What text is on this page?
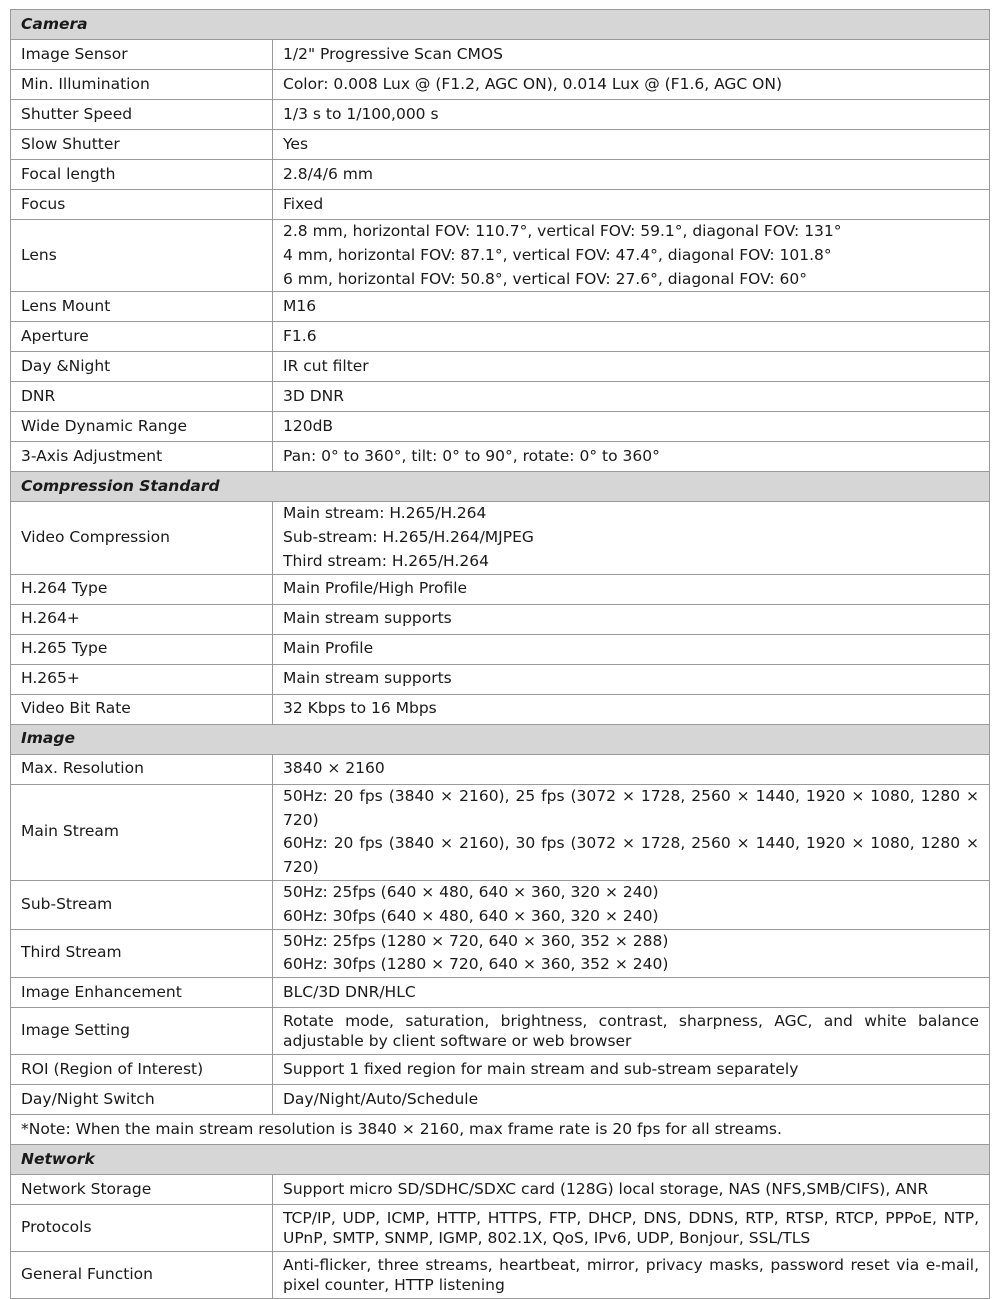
Camera	
Image Sensor	1/2" Progressive Scan CMOS

Min. Illumination	Color: 0.008 Lux @ (F1.2, AGC ON), 0.014 Lux @ (F1.6, AGC ON)

Shutter Speed	1/3 s to 1/100,000 s

Slow Shutter	Yes

Focal length	2.8/4/6 mm

Focus	Fixed

Lens	2.8 mm, horizontal FOV: 110.7°, vertical FOV: 59.1°, diagonal FOV: 131°
4 mm, horizontal FOV: 87.1°, vertical FOV: 47.4°, diagonal FOV: 101.8°
6 mm, horizontal FOV: 50.8°, vertical FOV: 27.6°, diagonal FOV: 60°

Lens Mount	M16

Aperture	F1.6

Day &Night	IR cut filter

DNR	3D DNR

Wide Dynamic Range	120dB

3-Axis Adjustment	Pan: 0° to 360°, tilt: 0° to 90°, rotate: 0° to 360°

Compression Standard	
Video Compression	Main stream: H.265/H.264
Sub-stream: H.265/H.264/MJPEG
Third stream: H.265/H.264

H.264 Type	Main Profile/High Profile

H.264+	Main stream supports

H.265 Type	Main Profile

H.265+	Main stream supports

Video Bit Rate	32 Kbps to 16 Mbps

Image	
Max. Resolution	3840 × 2160

Main Stream	50Hz: 20 fps (3840 × 2160), 25 fps (3072 × 1728, 2560 × 1440, 1920 × 1080, 1280 × 720)
60Hz: 20 fps (3840 × 2160), 30 fps (3072 × 1728, 2560 × 1440, 1920 × 1080, 1280 × 720)

Sub-Stream	50Hz: 25fps (640 × 480, 640 × 360, 320 × 240)
60Hz: 30fps (640 × 480, 640 × 360, 320 × 240)

Third Stream	50Hz: 25fps (1280 × 720, 640 × 360, 352 × 288)
60Hz: 30fps (1280 × 720, 640 × 360, 352 × 240)

Image Enhancement	BLC/3D DNR/HLC

Image Setting	Rotate mode, saturation, brightness, contrast, sharpness, AGC, and white balance adjustable by client software or web browser

ROI (Region of Interest)	Support 1 fixed region for main stream and sub-stream separately

Day/Night Switch	Day/Night/Auto/Schedule

*Note: When the main stream resolution is 3840 × 2160, max frame rate is 20 fps for all streams.	
Network	
Network Storage	Support micro SD/SDHC/SDXC card (128G) local storage, NAS (NFS,SMB/CIFS), ANR

Protocols	TCP/IP, UDP, ICMP, HTTP, HTTPS, FTP, DHCP, DNS, DDNS, RTP, RTSP, RTCP, PPPoE, NTP, UPnP, SMTP, SNMP, IGMP, 802.1X, QoS, IPv6, UDP, Bonjour, SSL/TLS

General Function	Anti-flicker, three streams, heartbeat, mirror, privacy masks, password reset via e-mail, pixel counter, HTTP listening
